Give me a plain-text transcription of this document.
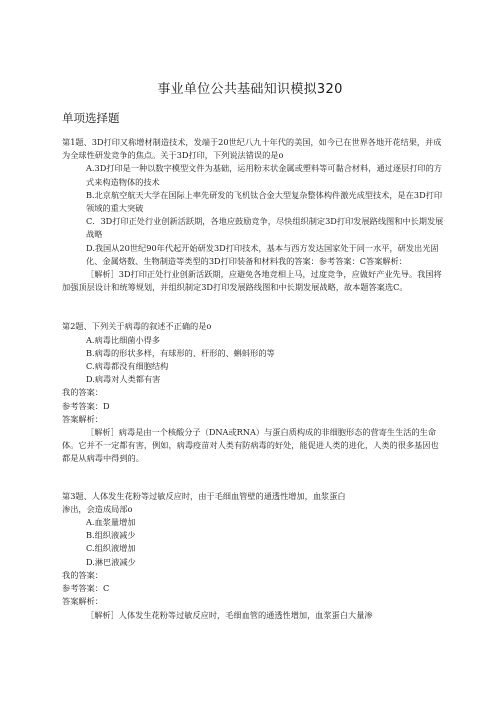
事业单位公共基础知识模拟320
单项选择题

第1题、3D打印又称增材制造技术，发端于20世纪八九十年代的美国，如今已在世界各地开花结果，并成为全球性研发竞争的焦点。关于3D打印，下列说法错误的是o

A.3D打印是一种以数字模型文件为基础，运用粉末状金属或塑料等可黏合材料，通过逐层打印的方式来构造物体的技术

B.北京航空航天大学在国际上率先研发的飞机钛合金大型复杂整体构件激光成型技术，是在3D打印领域的重大突破

C．3D打印正处行业创新活跃期，各地应鼓励竞争，尽快组织制定3D打印发展路线图和中长期发展战略

D.我国从20世纪90年代起开始研发3D打印技术，基本与西方发达国家处于同一水平，研发出光固化、金属烙数、生物制造等类型的3D打印装备和材料我的答案：参考答案：C答案解析：

［解析］3D打印正处行业创新活跃期，应避免各地竞相上马，过度竞争，应做好产业先导。我国将加强顶层设计和统筹规划，并组织制定3D打印发展路线图和中长期发展战略，故本题答案选C。

第2题、下列关于病毒的叙述不正确的是o

A.病毒比细菌小得多

B.病毒的形状多样，有球形的、杆形的、蝌蚪形的等

C.病毒都没有细胞结构

D.病毒对人类都有害

我的答案：

参考答案：D

答案解析：

［解析］病毒是由一个核酸分子（DNA或RNA）与蛋白质构成的非细胞形态的营寄生生活的生命体。它并不一定都有害，例如，病毒疫苗对人类有防病毒的好处，能促进人类的进化，人类的很多基因也都是从病毒中得到的。

第3题、人体发生花粉等过敏反应时，由于毛细血管壁的通透性增加，血浆蛋白

渗出，会造成局部o

A.血浆量增加

B.组织液减少

C.组织液增加

D.淋巴液减少

我的答案：

参考答案：C

答案解析：

［解析］人体发生花粉等过敏反应时，毛细血管的通透性增加，血浆蛋白大量渗
